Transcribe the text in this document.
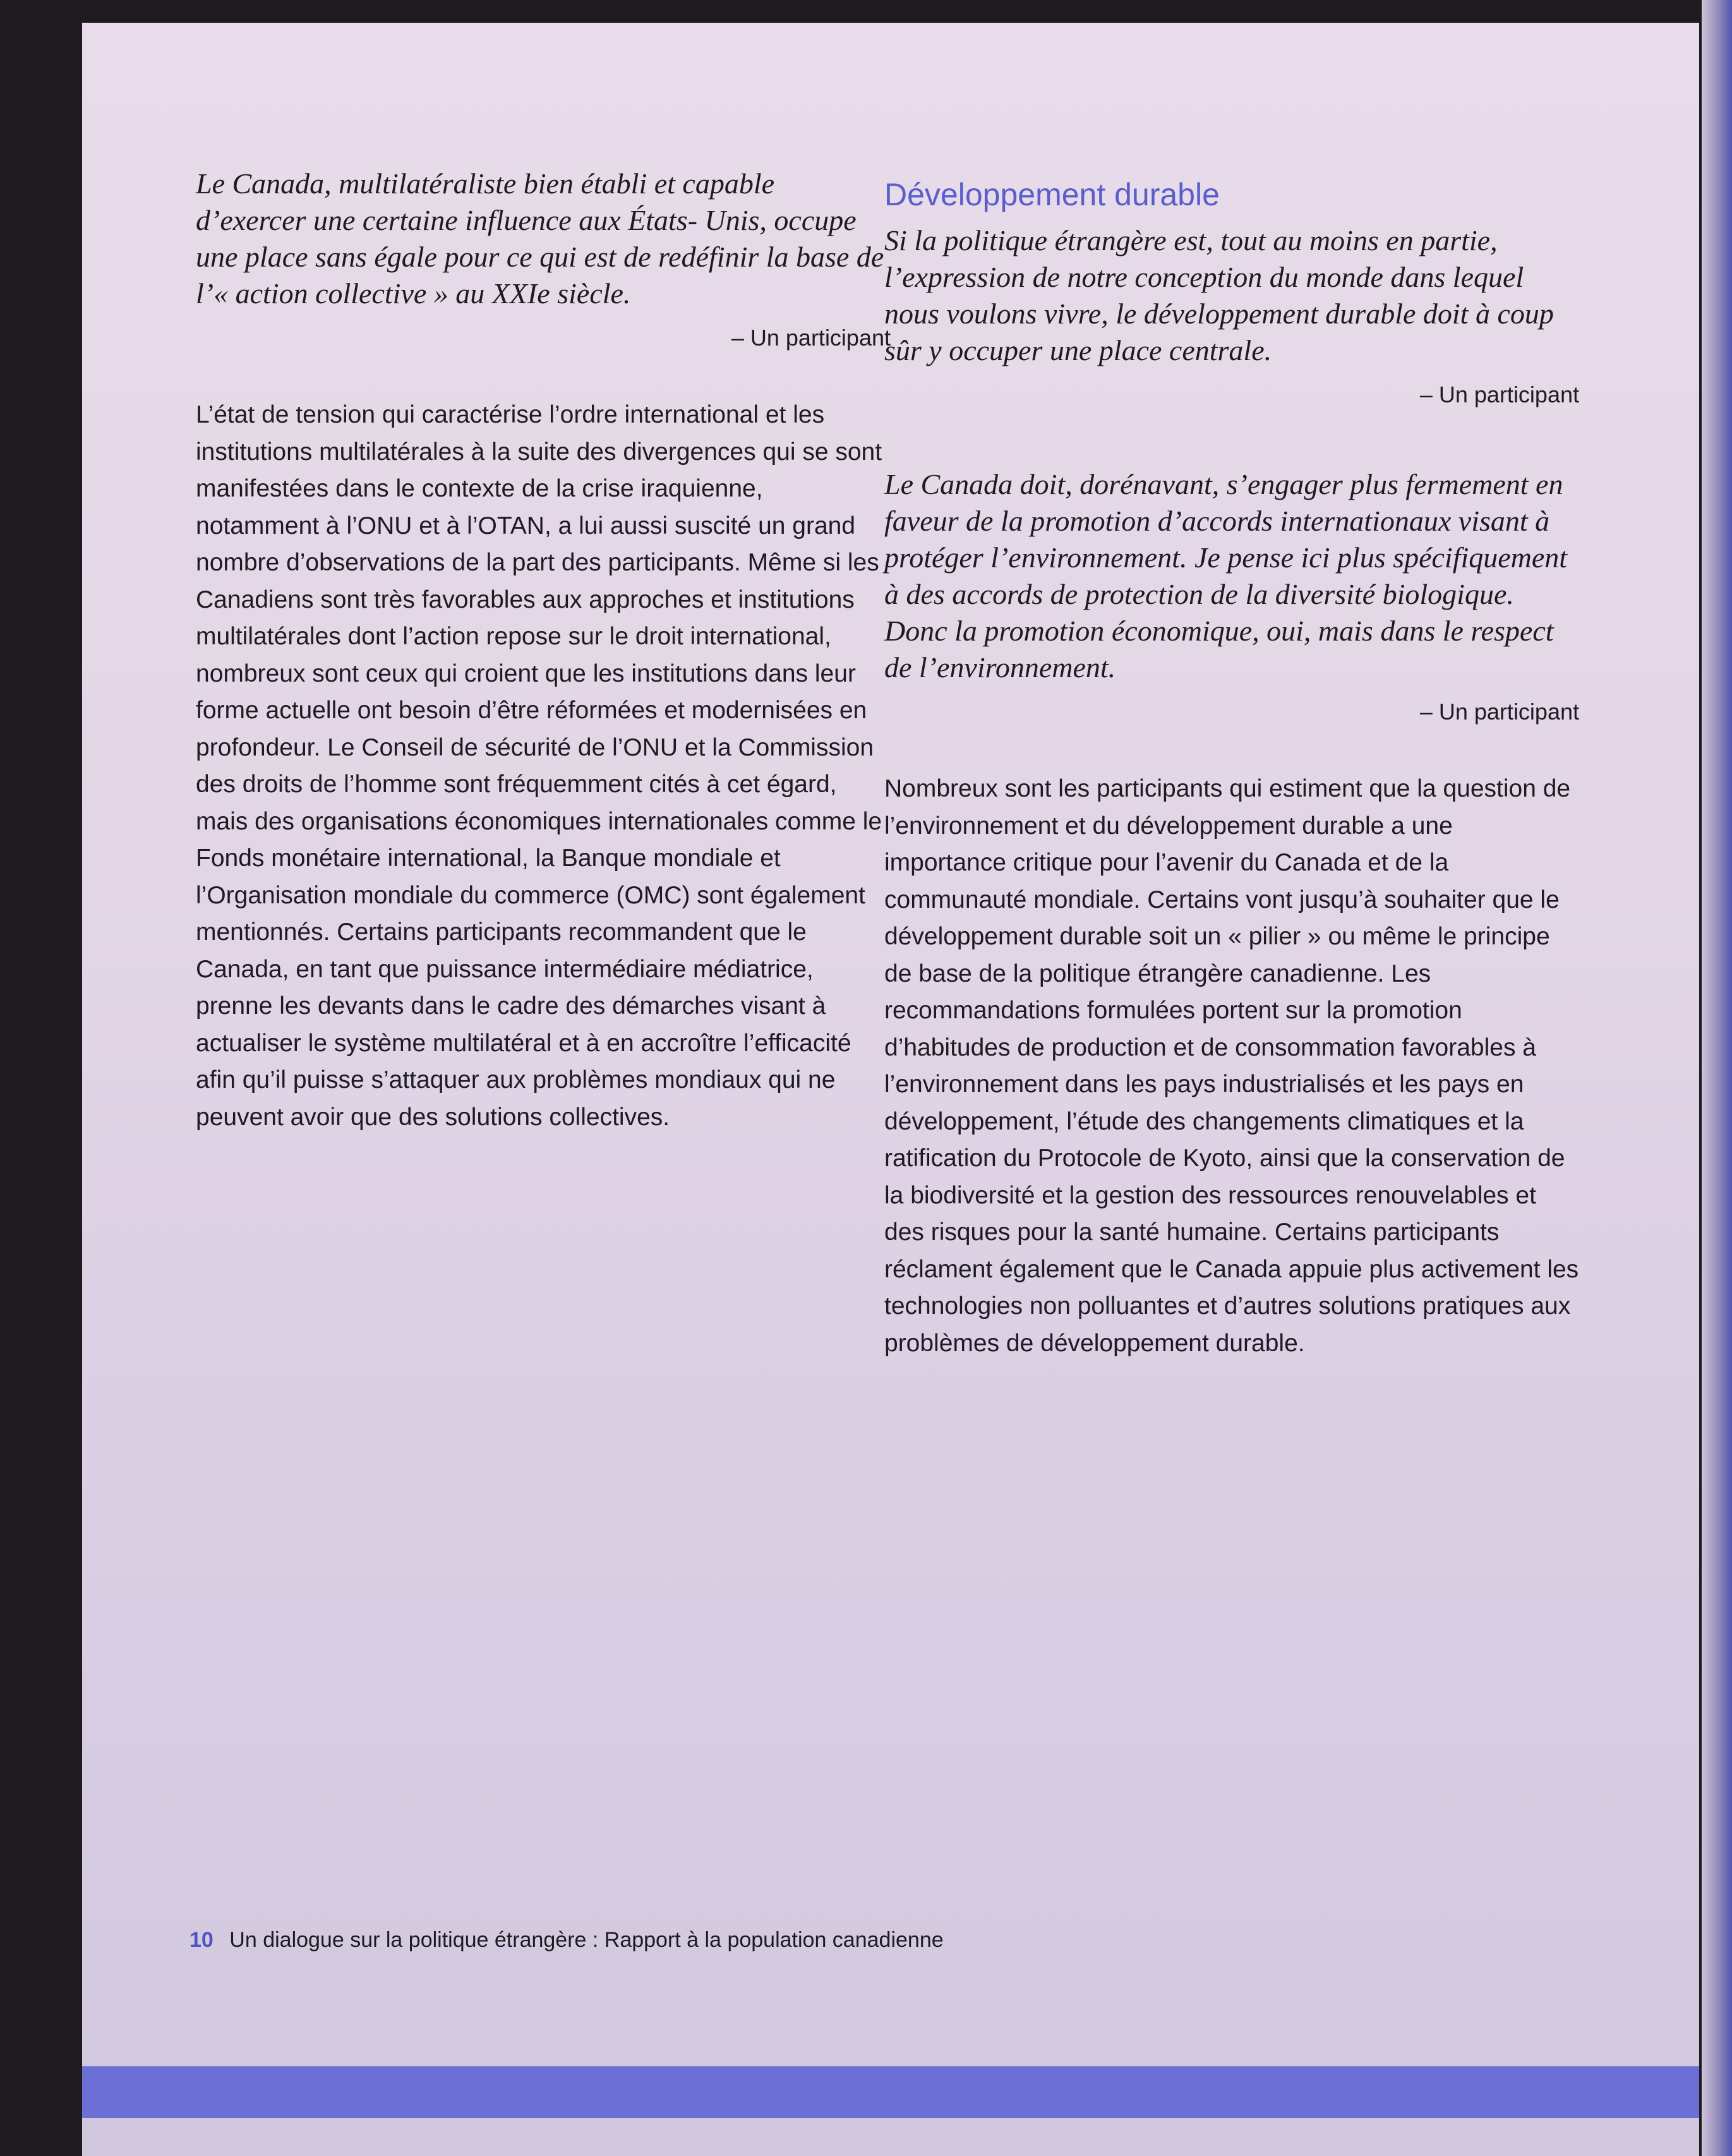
Le Canada, multilatéraliste bien établi et capable d’exercer une certaine influence aux États- Unis, occupe une place sans égale pour ce qui est de redéfinir la base de l’« action collective » au XXIe siècle.

– Un participant

L’état de tension qui caractérise l’ordre international et les institutions multilatérales à la suite des divergences qui se sont manifestées dans le contexte de la crise iraquienne, notamment à l’ONU et à l’OTAN, a lui aussi suscité un grand nombre d’observations de la part des participants. Même si les Canadiens sont très favorables aux approches et institutions multilatérales dont l’action repose sur le droit international, nombreux sont ceux qui croient que les institutions dans leur forme actuelle ont besoin d’être réformées et modernisées en profondeur. Le Conseil de sécurité de l’ONU et la Commission des droits de l’homme sont fréquemment cités à cet égard, mais des organisations économiques internationales comme le Fonds monétaire international, la Banque mondiale et l’Organisation mondiale du commerce (OMC) sont également mentionnés. Certains participants recommandent que le Canada, en tant que puissance intermédiaire médiatrice, prenne les devants dans le cadre des démarches visant à actualiser le système multilatéral et à en accroître l’efficacité afin qu’il puisse s’attaquer aux problèmes mondiaux qui ne peuvent avoir que des solutions collectives.

Développement durable

Si la politique étrangère est, tout au moins en partie, l’expression de notre conception du monde dans lequel nous voulons vivre, le développement durable doit à coup sûr y occuper une place centrale.

– Un participant

Le Canada doit, dorénavant, s’engager plus fermement en faveur de la promotion d’accords internationaux visant à protéger l’environnement. Je pense ici plus spécifiquement à des accords de protection de la diversité biologique. Donc la promotion économique, oui, mais dans le respect de l’environnement.

– Un participant

Nombreux sont les participants qui estiment que la question de l’environnement et du développement durable a une importance critique pour l’avenir du Canada et de la communauté mondiale. Certains vont jusqu’à souhaiter que le développement durable soit un « pilier » ou même le principe de base de la politique étrangère canadienne. Les recommandations formulées portent sur la promotion d’habitudes de production et de consommation favorables à l’environnement dans les pays industrialisés et les pays en développement, l’étude des changements climatiques et la ratification du Protocole de Kyoto, ainsi que la conservation de la biodiversité et la gestion des ressources renouvelables et des risques pour la santé humaine. Certains participants réclament également que le Canada appuie plus activement les technologies non polluantes et d’autres solutions pratiques aux problèmes de développement durable.

10 Un dialogue sur la politique étrangère : Rapport à la population canadienne
